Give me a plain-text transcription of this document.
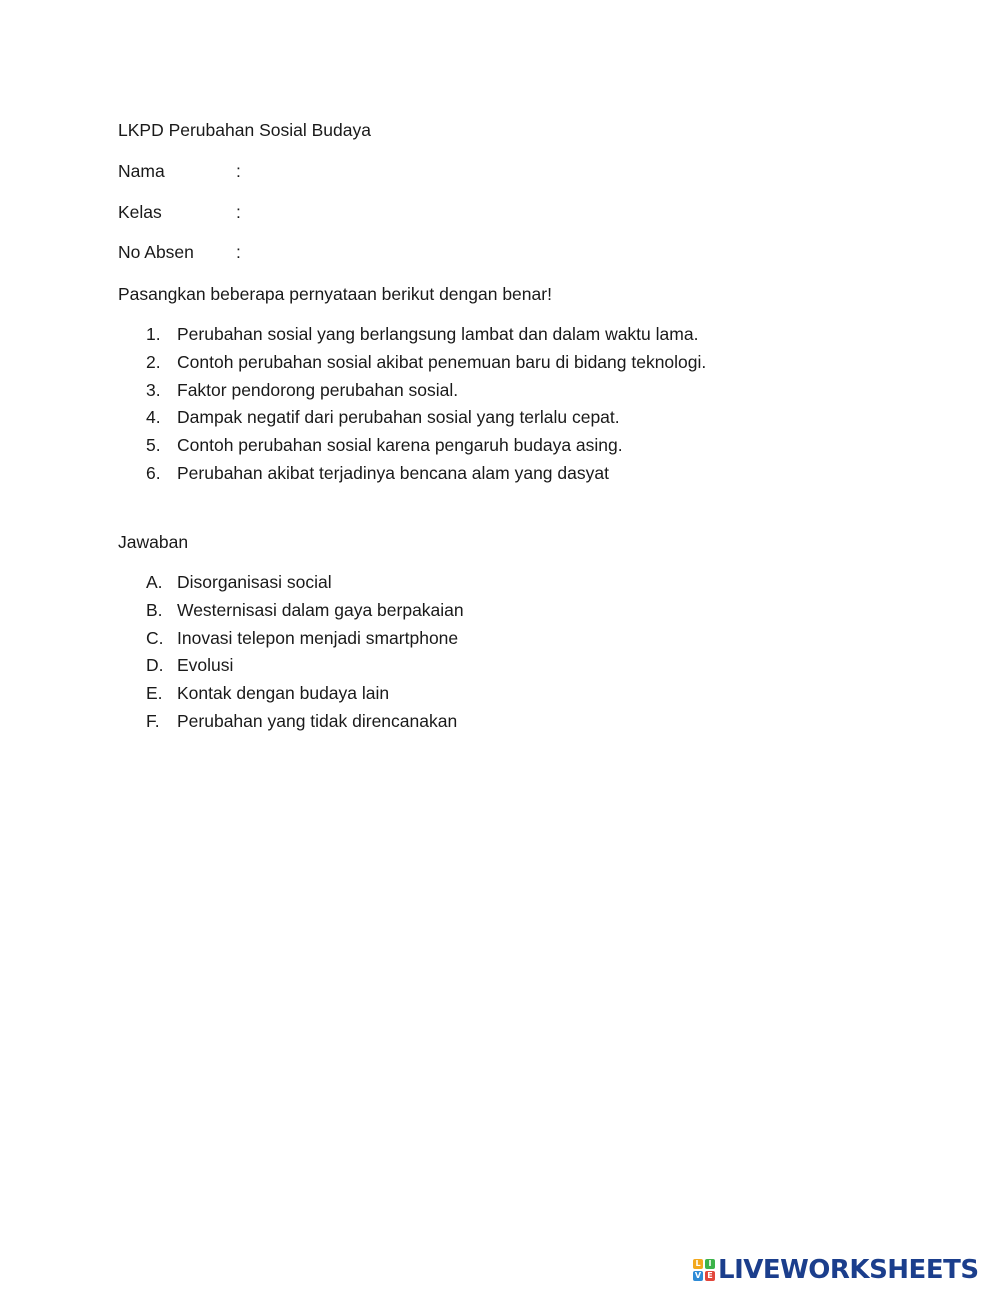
LKPD Perubahan Sosial Budaya
Nama	:
Kelas	:
No Absen :
Pasangkan beberapa pernyataan berikut dengan benar!
1. Perubahan sosial yang berlangsung lambat dan dalam waktu lama.
2. Contoh perubahan sosial akibat penemuan baru di bidang teknologi.
3. Faktor pendorong perubahan sosial.
4. Dampak negatif dari perubahan sosial yang terlalu cepat.
5. Contoh perubahan sosial karena pengaruh budaya asing.
6. Perubahan akibat terjadinya bencana alam yang dasyat
Jawaban
A. Disorganisasi social
B. Westernisasi dalam gaya berpakaian
C. Inovasi telepon menjadi smartphone
D. Evolusi
E. Kontak dengan budaya lain
F. Perubahan yang tidak direncanakan
L I
V E LIVEWORKSHEETS
